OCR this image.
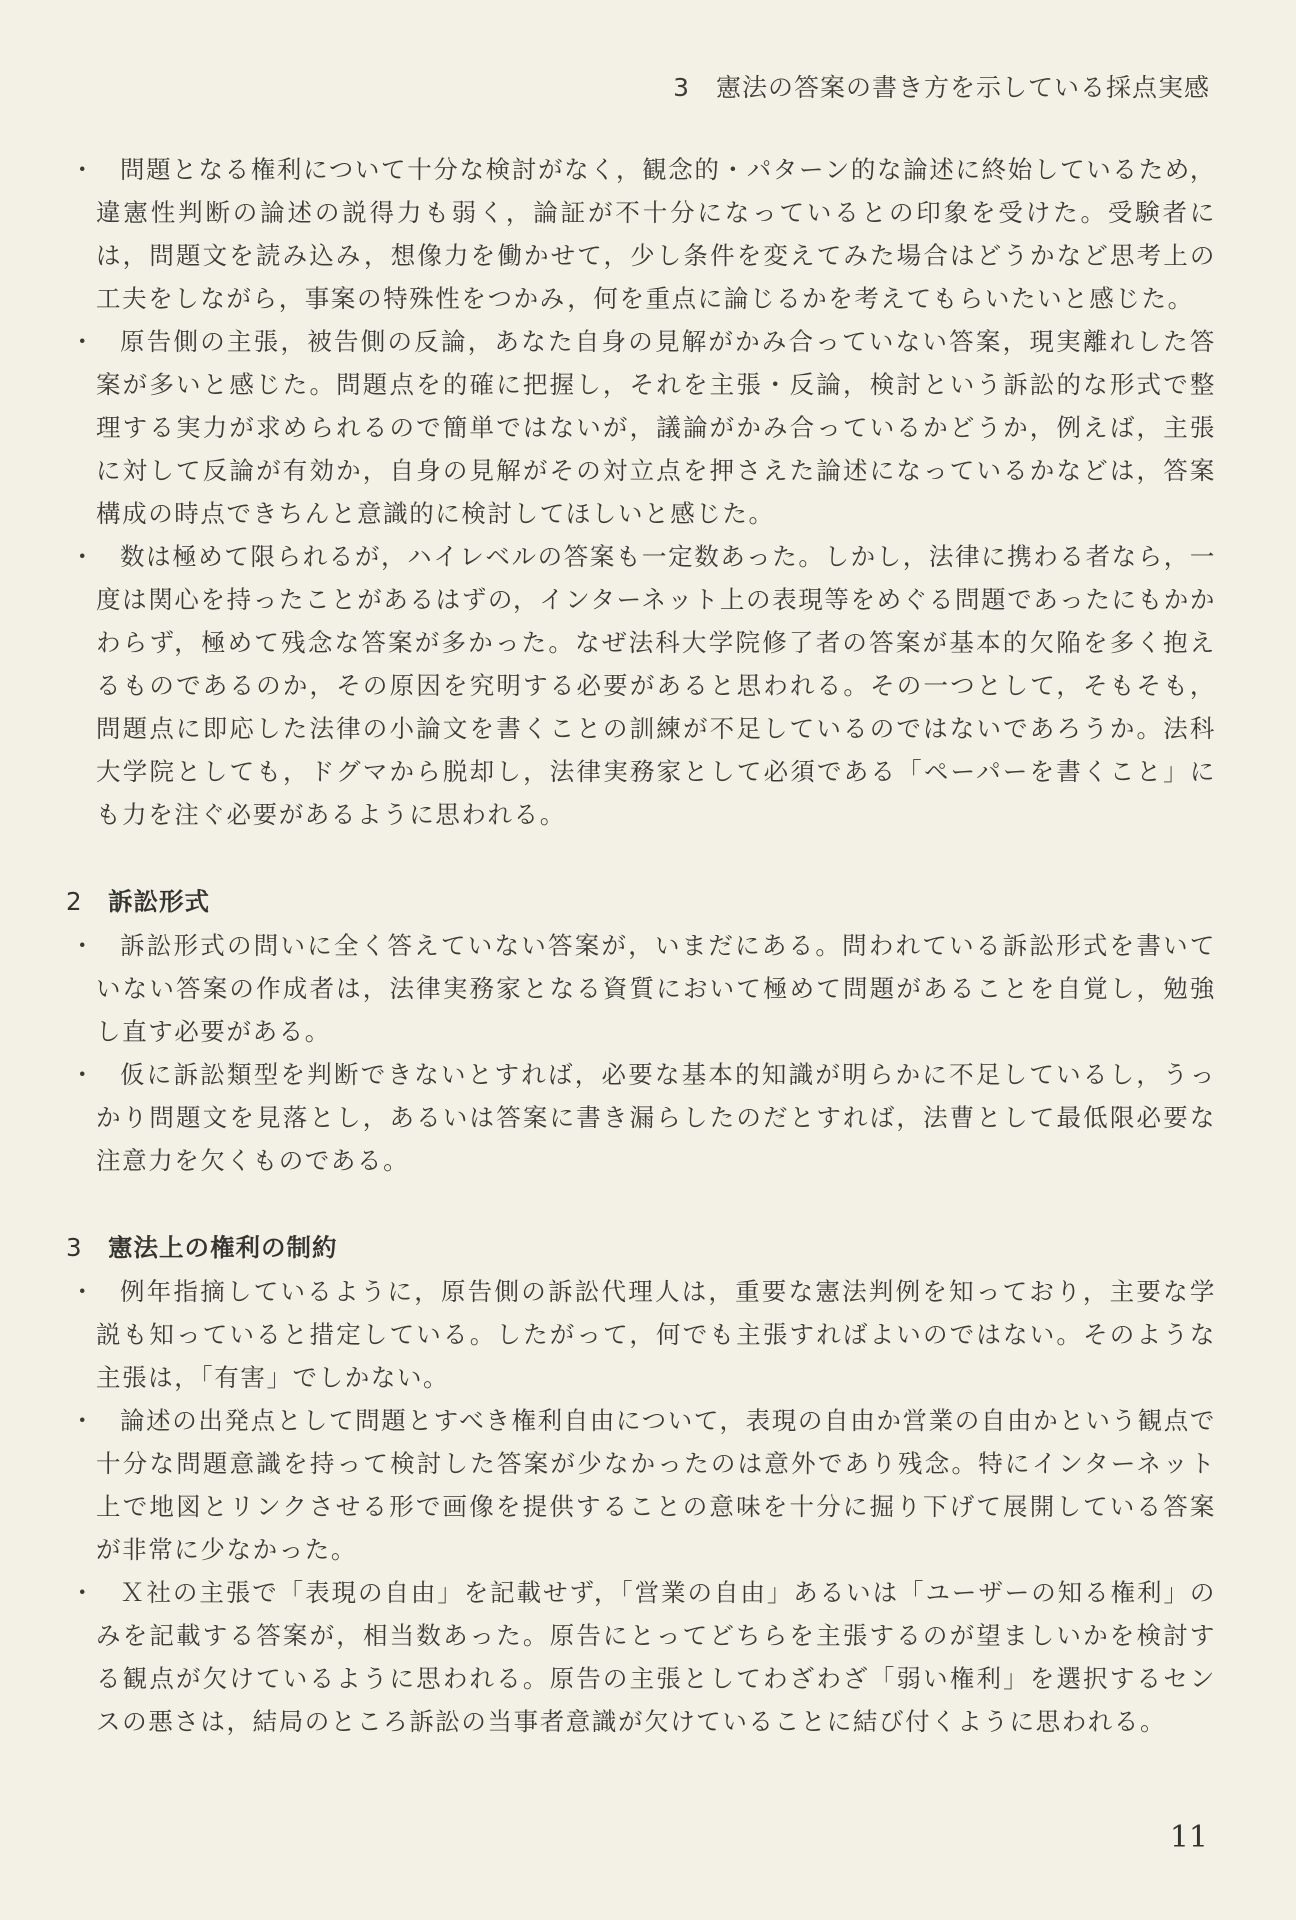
3　憲法の答案の書き方を示している採点実感
・ 問題となる権利について十分な検討がなく，観念的・パターン的な論述に終始しているため，違憲性判断の論述の説得力も弱く，論証が不十分になっているとの印象を受けた。受験者には，問題文を読み込み，想像力を働かせて，少し条件を変えてみた場合はどうかなど思考上の工夫をしながら，事案の特殊性をつかみ，何を重点に論じるかを考えてもらいたいと感じた。
・ 原告側の主張，被告側の反論，あなた自身の見解がかみ合っていない答案，現実離れした答案が多いと感じた。問題点を的確に把握し，それを主張・反論，検討という訴訟的な形式で整理する実力が求められるので簡単ではないが，議論がかみ合っているかどうか，例えば，主張に対して反論が有効か，自身の見解がその対立点を押さえた論述になっているかなどは，答案構成の時点できちんと意識的に検討してほしいと感じた。
・ 数は極めて限られるが，ハイレベルの答案も一定数あった。しかし，法律に携わる者なら，一度は関心を持ったことがあるはずの，インターネット上の表現等をめぐる問題であったにもかかわらず，極めて残念な答案が多かった。なぜ法科大学院修了者の答案が基本的欠陥を多く抱えるものであるのか，その原因を究明する必要があると思われる。その一つとして，そもそも，問題点に即応した法律の小論文を書くことの訓練が不足しているのではないであろうか。法科大学院としても，ドグマから脱却し，法律実務家として必須である「ペーパーを書くこと」にも力を注ぐ必要があるように思われる。
2 訴訟形式
・ 訴訟形式の問いに全く答えていない答案が，いまだにある。問われている訴訟形式を書いていない答案の作成者は，法律実務家となる資質において極めて問題があることを自覚し，勉強し直す必要がある。
・ 仮に訴訟類型を判断できないとすれば，必要な基本的知識が明らかに不足しているし，うっかり問題文を見落とし，あるいは答案に書き漏らしたのだとすれば，法曹として最低限必要な注意力を欠くものである。
3 憲法上の権利の制約
・ 例年指摘しているように，原告側の訴訟代理人は，重要な憲法判例を知っており，主要な学説も知っていると措定している。したがって，何でも主張すればよいのではない。そのような主張は，「有害」でしかない。
・ 論述の出発点として問題とすべき権利自由について，表現の自由か営業の自由かという観点で十分な問題意識を持って検討した答案が少なかったのは意外であり残念。特にインターネット上で地図とリンクさせる形で画像を提供することの意味を十分に掘り下げて展開している答案が非常に少なかった。
・ Ｘ社の主張で「表現の自由」を記載せず，「営業の自由」あるいは「ユーザーの知る権利」のみを記載する答案が，相当数あった。原告にとってどちらを主張するのが望ましいかを検討する観点が欠けているように思われる。原告の主張としてわざわざ「弱い権利」を選択するセンスの悪さは，結局のところ訴訟の当事者意識が欠けていることに結び付くように思われる。
11
